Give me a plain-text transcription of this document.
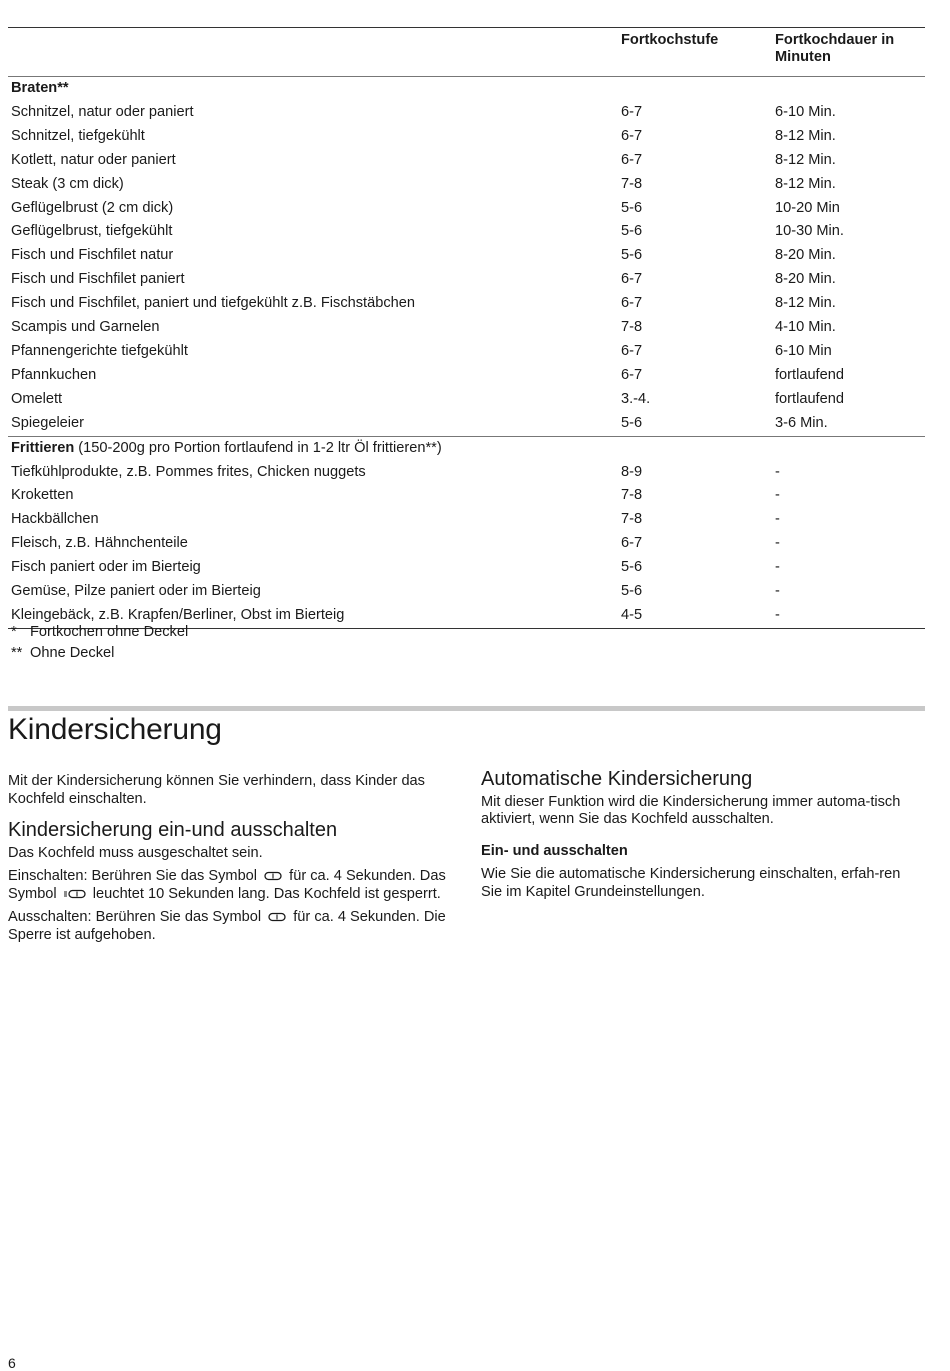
	Fortkochstufe	Fortkochdauer in Minuten
Braten**		
Schnitzel, natur oder paniert	6-7	6-10 Min.
Schnitzel, tiefgekühlt	6-7	8-12 Min.
Kotlett, natur oder paniert	6-7	8-12 Min.
Steak (3 cm dick)	7-8	8-12 Min.
Geflügelbrust (2 cm dick)	5-6	10-20 Min
Geflügelbrust, tiefgekühlt	5-6	10-30 Min.
Fisch und Fischfilet natur	5-6	8-20 Min.
Fisch und Fischfilet paniert	6-7	8-20 Min.
Fisch und Fischfilet, paniert und tiefgekühlt z.B. Fischstäbchen	6-7	8-12 Min.
Scampis und Garnelen	7-8	4-10 Min.
Pfannengerichte tiefgekühlt	6-7	6-10 Min
Pfannkuchen	6-7	fortlaufend
Omelett	3.-4.	fortlaufend
Spiegeleier	5-6	3-6 Min.
Frittieren (150-200g pro Portion fortlaufend in 1-2 ltr Öl frittieren**)		
Tiefkühlprodukte, z.B. Pommes frites, Chicken nuggets	8-9	-
Kroketten	7-8	-
Hackbällchen	7-8	-
Fleisch, z.B. Hähnchenteile	6-7	-
Fisch paniert oder im Bierteig	5-6	-
Gemüse, Pilze paniert oder im Bierteig	5-6	-
Kleingebäck, z.B. Krapfen/Berliner, Obst im Bierteig	4-5	-
* Fortkochen ohne Deckel
** Ohne Deckel
Kindersicherung

Mit der Kindersicherung können Sie verhindern, dass Kinder das Kochfeld einschalten.

Kindersicherung ein-und ausschalten

Das Kochfeld muss ausgeschaltet sein.

Einschalten: Berühren Sie das Symbol für ca. 4 Sekunden. Das Symbol leuchtet 10 Sekunden lang. Das Kochfeld ist gesperrt.

Ausschalten: Berühren Sie das Symbol für ca. 4 Sekunden. Die Sperre ist aufgehoben.

Automatische Kindersicherung

Mit dieser Funktion wird die Kindersicherung immer automa-tisch aktiviert, wenn Sie das Kochfeld ausschalten.

Ein- und ausschalten

Wie Sie die automatische Kindersicherung einschalten, erfah-ren Sie im Kapitel Grundeinstellungen.

6
